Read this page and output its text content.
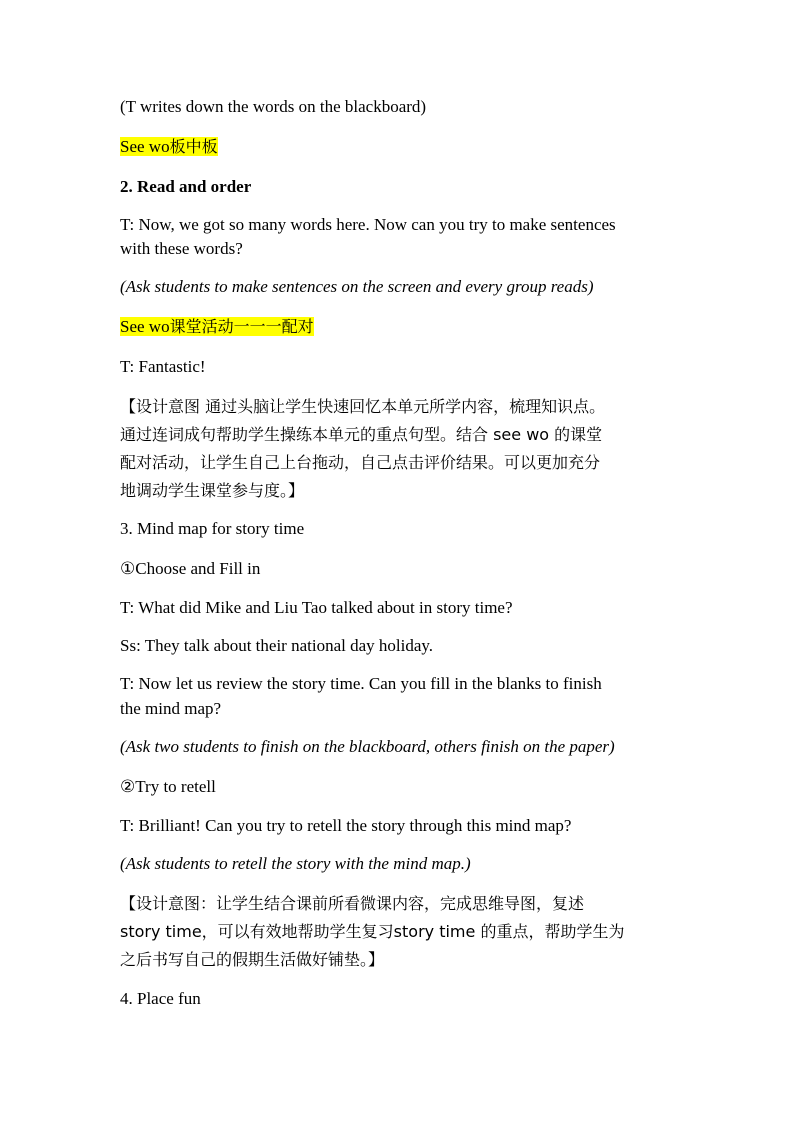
(T writes down the words on the blackboard)

See wo板中板

2. Read and order

T: Now, we got so many words here. Now can you try to make sentences

with these words?

(Ask students to make sentences on the screen and every group reads)

See wo课堂活动一一一配对

T: Fantastic!

【设计意图 通过头脑让学生快速回忆本单元所学内容，梳理知识点。
通过连词成句帮助学生操练本单元的重点句型。结合 see wo 的课堂
配对活动，让学生自己上台拖动，自己点击评价结果。可以更加充分
地调动学生课堂参与度。】

3. Mind map for story time

①Choose and Fill in

T: What did Mike and Liu Tao talked about in story time?

Ss: They talk about their national day holiday.

T: Now let us review the story time. Can you fill in the blanks to finish

the mind map?

(Ask two students to finish on the blackboard, others finish on the paper)

②Try to retell

T: Brilliant! Can you try to retell the story through this mind map?

(Ask students to retell the story with the mind map.)

【设计意图：让学生结合课前所看微课内容，完成思维导图，复述
story time，可以有效地帮助学生复习story time 的重点，帮助学生为
之后书写自己的假期生活做好铺垫。】

4. Place fun
